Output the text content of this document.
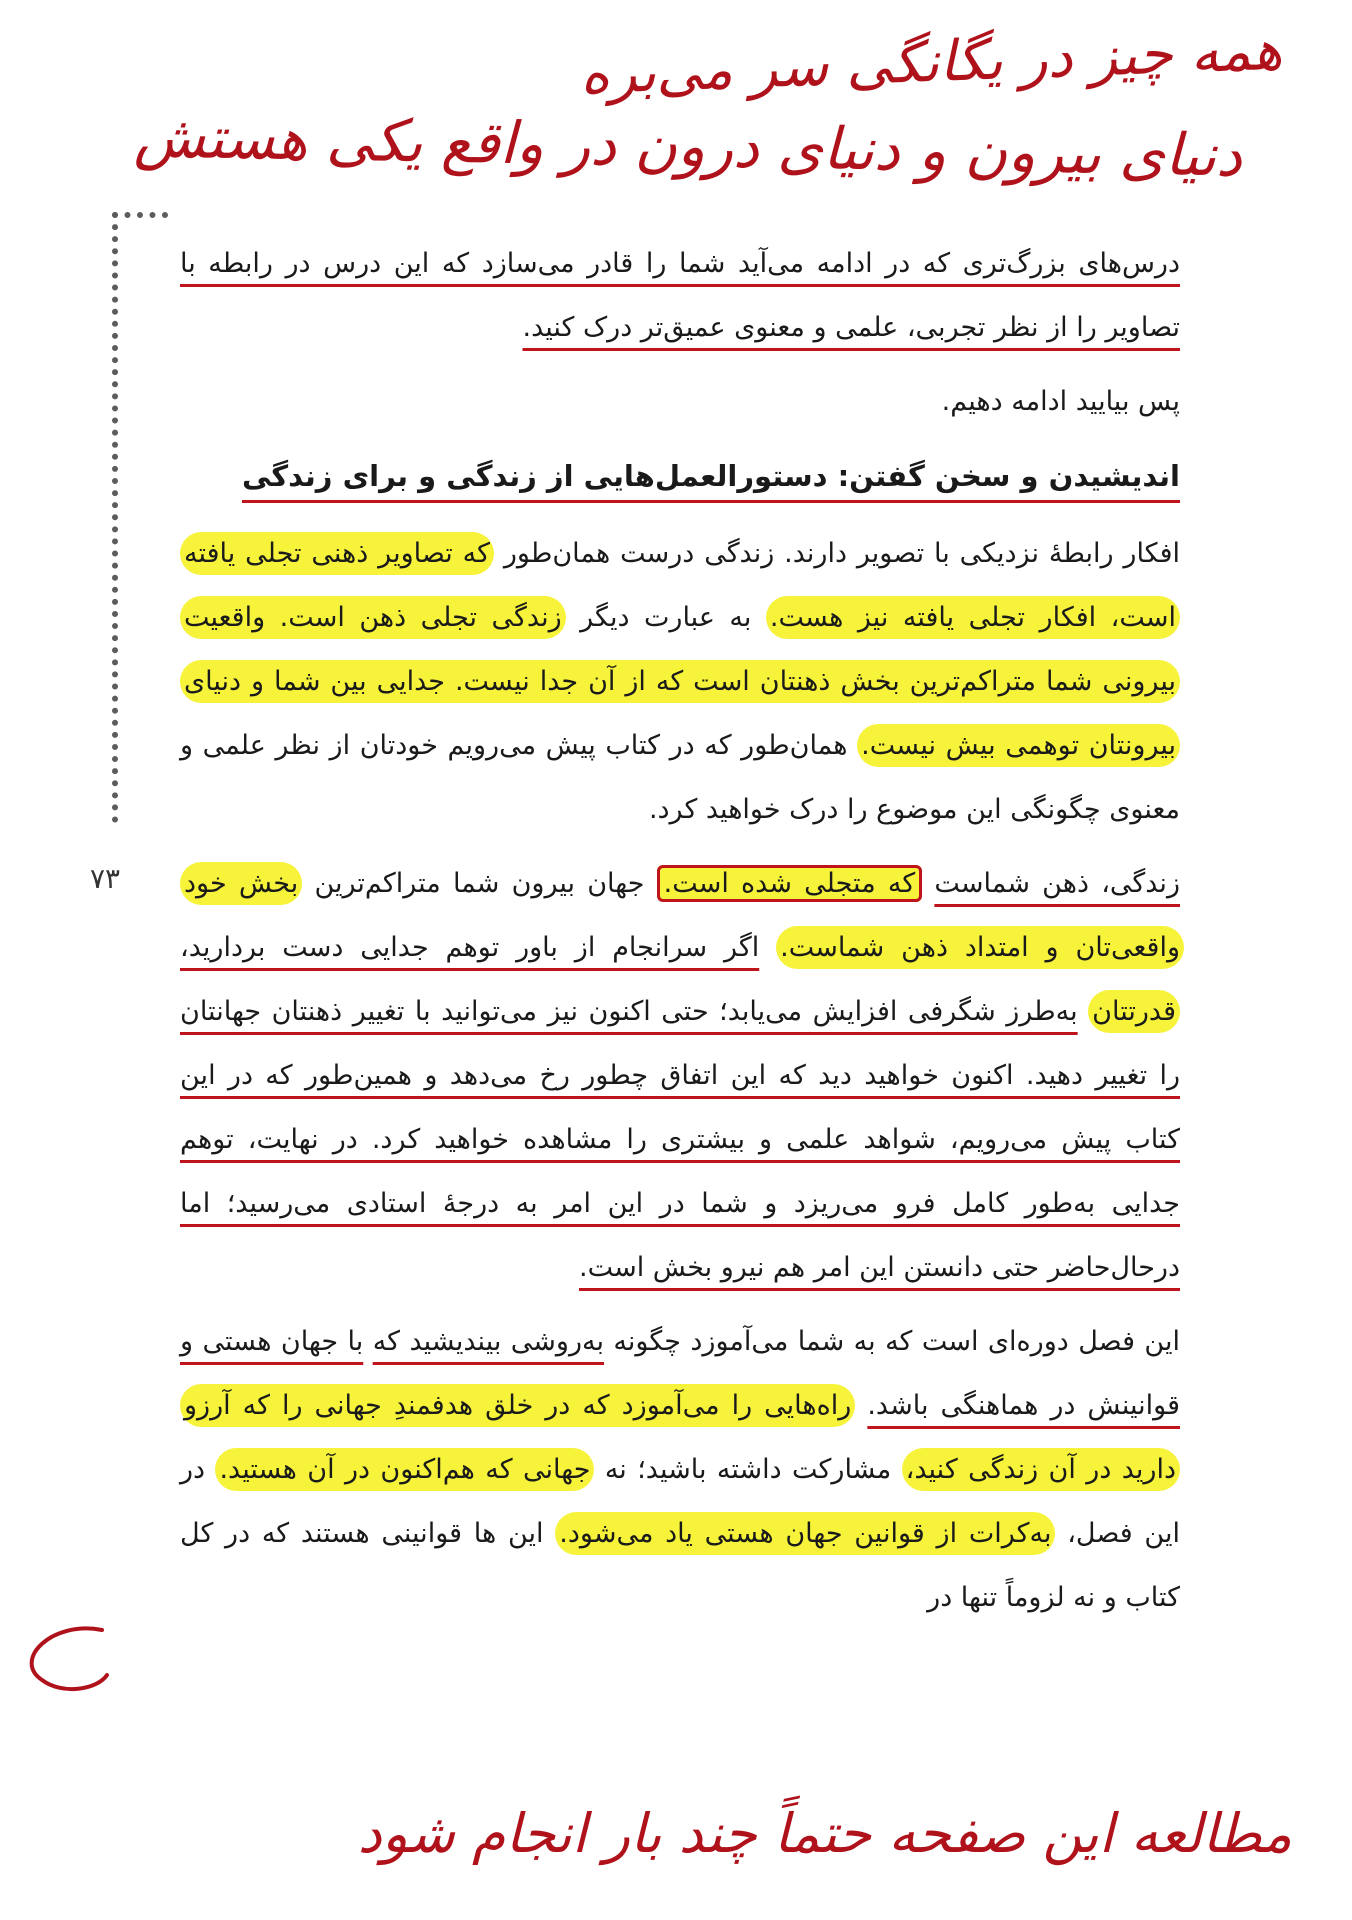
همه چیز در یگانگی سر می‌بره
دنیای بیرون و دنیای درون در واقع یکی هستش
۷۳

درس‌های بزرگ‌تری که در ادامه می‌آید شما را قادر می‌سازد که این درس در رابطه با تصاویر را از نظر تجربی، علمی و معنوی عمیق‌تر درک کنید.

پس بیایید ادامه دهیم.

اندیشیدن و سخن گفتن: دستورالعمل‌هایی از زندگی و برای زندگی

افکار رابطهٔ نزدیکی با تصویر دارند. زندگی درست همان‌طور که تصاویر ذهنی تجلی یافته است، افکار تجلی یافته نیز هست. به عبارت دیگر زندگی تجلی ذهن است. واقعیت بیرونی شما متراکم‌ترین بخش ذهنتان است که از آن جدا نیست. جدایی بین شما و دنیای بیرونتان توهمی بیش نیست. همان‌طور که در کتاب پیش می‌رویم خودتان از نظر علمی و معنوی چگونگی این موضوع را درک خواهید کرد.

زندگی، ذهن شماست که متجلی شده است. جهان بیرون شما متراکم‌ترین بخش خود واقعی‌تان و امتداد ذهن شماست. اگر سرانجام از باور توهم جدایی دست بردارید، قدرتتان به‌طرز شگرفی افزایش می‌یابد؛ حتی اکنون نیز می‌توانید با تغییر ذهنتان جهانتان را تغییر دهید. اکنون خواهید دید که این اتفاق چطور رخ می‌دهد و همین‌طور که در این کتاب پیش می‌رویم، شواهد علمی و بیشتری را مشاهده خواهید کرد. در نهایت، توهم جدایی به‌طور کامل فرو می‌ریزد و شما در این امر به درجهٔ استادی می‌رسید؛ اما درحال‌حاضر حتی دانستن این امر هم نیرو بخش است.

این فصل دوره‌ای است که به شما می‌آموزد چگونه به‌روشی بیندیشید که با جهان هستی و قوانینش در هماهنگی باشد. راه‌هایی را می‌آموزد که در خلق هدفمندِ جهانی را که آرزو دارید در آن زندگی کنید، مشارکت داشته باشید؛ نه جهانی که هم‌اکنون در آن هستید. در این فصل، به‌کرات از قوانین جهان هستی یاد می‌شود. این ها قوانینی هستند که در کل کتاب و نه لزوماً تنها در

مطالعه این صفحه حتماً چند بار انجام شود
